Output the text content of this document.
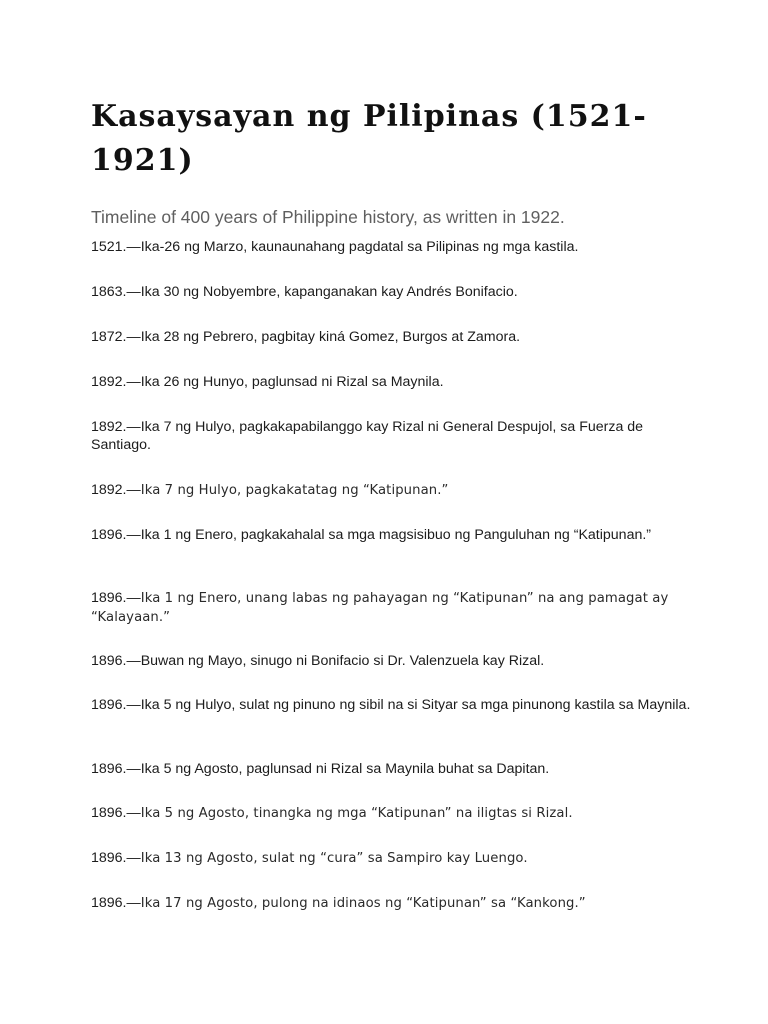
Kasaysayan ng Pilipinas (1521-1921)

Timeline of 400 years of Philippine history, as written in 1922.

1521.—Ika-26 ng Marzo, kaunaunahang pagdatal sa Pilipinas ng mga kastila.

1863.—Ika 30 ng Nobyembre, kapanganakan kay Andrés Bonifacio.

1872.—Ika 28 ng Pebrero, pagbitay kiná Gomez, Burgos at Zamora.

1892.—Ika 26 ng Hunyo, paglunsad ni Rizal sa Maynila.

1892.—Ika 7 ng Hulyo, pagkakapabilanggo kay Rizal ni General Despujol, sa Fuerza de Santiago.

1892.—Ika 7 ng Hulyo, pagkakatatag ng “Katipunan.”

1896.—Ika 1 ng Enero, pagkakahalal sa mga magsisibuo ng Panguluhan ng “Katipunan.”

1896.—Ika 1 ng Enero, unang labas ng pahayagan ng “Katipunan” na ang pamagat ay “Kalayaan.”

1896.—Buwan ng Mayo, sinugo ni Bonifacio si Dr. Valenzuela kay Rizal.

1896.—Ika 5 ng Hulyo, sulat ng pinuno ng sibil na si Sityar sa mga pinunong kastila sa Maynila.

1896.—Ika 5 ng Agosto, paglunsad ni Rizal sa Maynila buhat sa Dapitan.

1896.—Ika 5 ng Agosto, tinangka ng mga “Katipunan” na iligtas si Rizal.

1896.—Ika 13 ng Agosto, sulat ng “cura” sa Sampiro kay Luengo.

1896.—Ika 17 ng Agosto, pulong na idinaos ng “Katipunan” sa “Kankong.”
